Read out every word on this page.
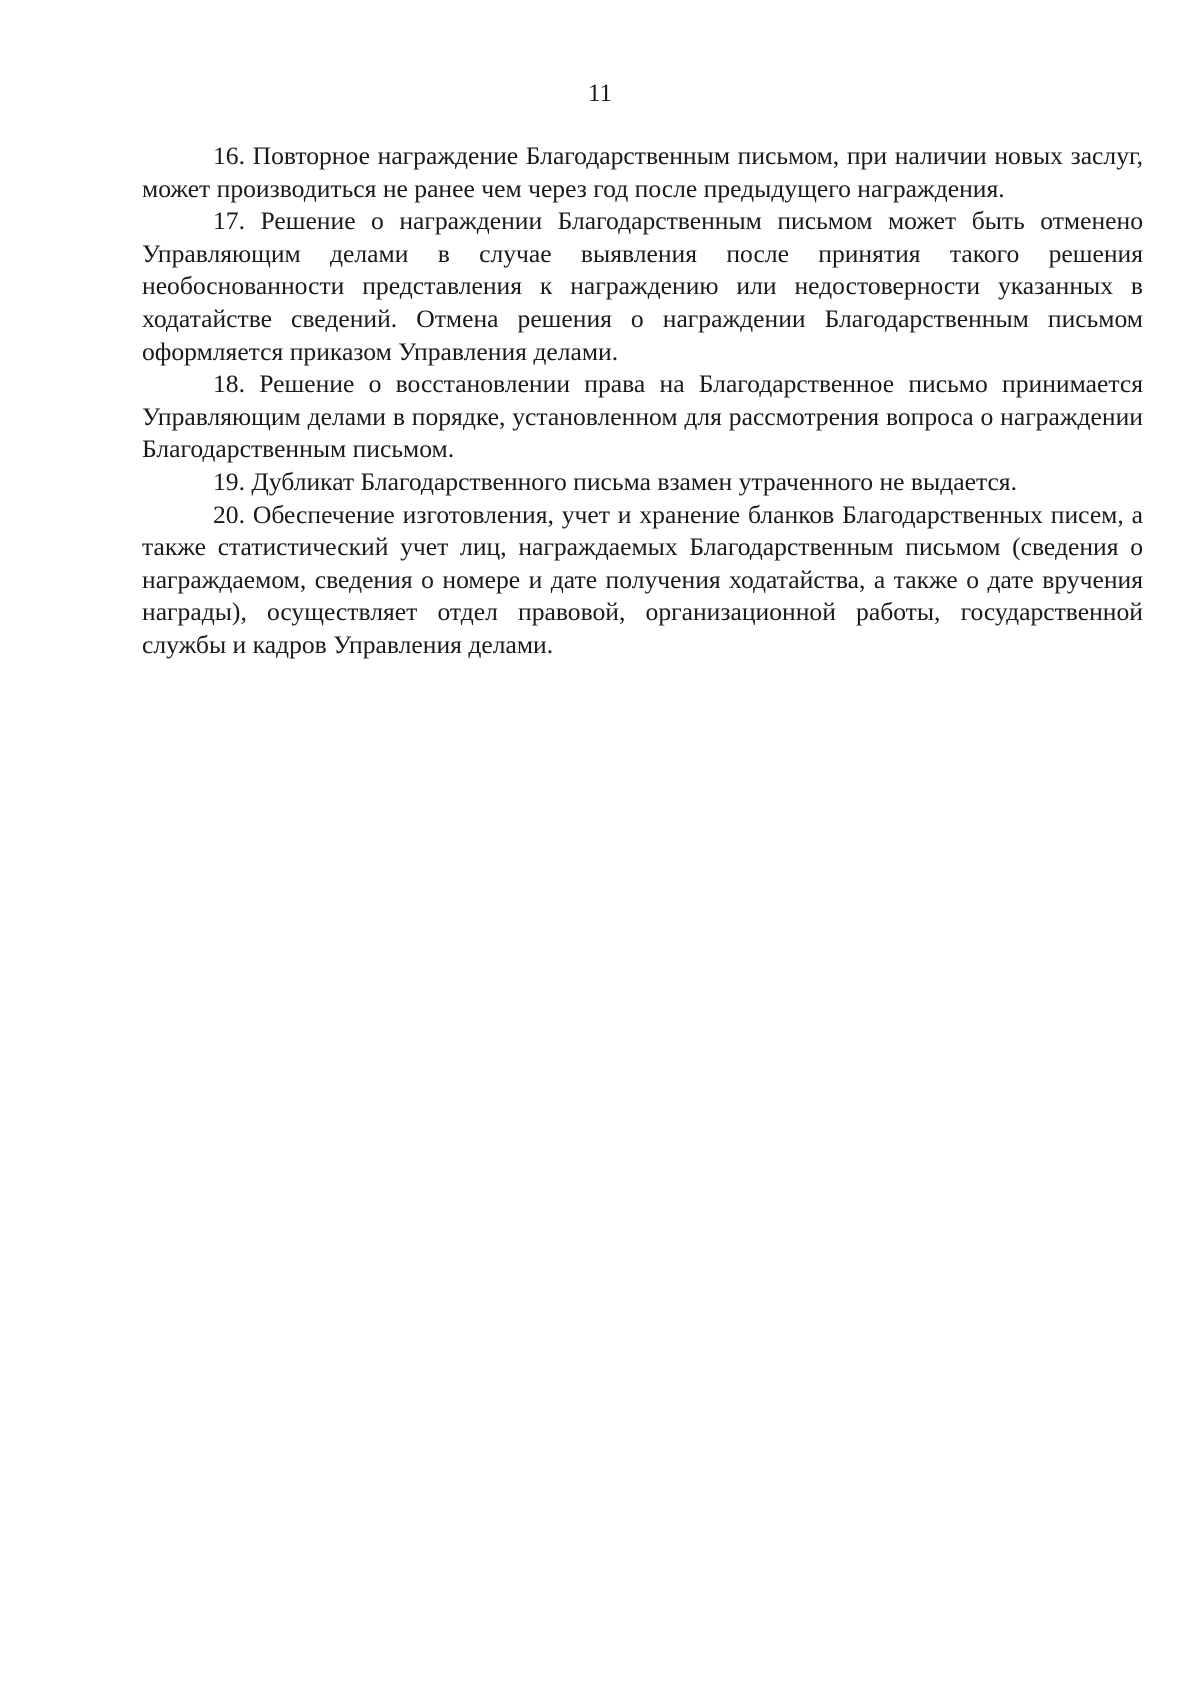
11

16. Повторное награждение Благодарственным письмом, при наличии новых заслуг, может производиться не ранее чем через год после предыдущего награждения.

17. Решение о награждении Благодарственным письмом может быть отменено Управляющим делами в случае выявления после принятия такого решения необоснованности представления к награждению или недостоверности указанных в ходатайстве сведений. Отмена решения о награждении Благодарственным письмом оформляется приказом Управления делами.

18. Решение о восстановлении права на Благодарственное письмо принимается Управляющим делами в порядке, установленном для рассмотрения вопроса о награждении Благодарственным письмом.

19. Дубликат Благодарственного письма взамен утраченного не выдается.

20. Обеспечение изготовления, учет и хранение бланков Благодарственных писем, а также статистический учет лиц, награждаемых Благодарственным письмом (сведения о награждаемом, сведения о номере и дате получения ходатайства, а также о дате вручения награды), осуществляет отдел правовой, организационной работы, государственной службы и кадров Управления делами.
